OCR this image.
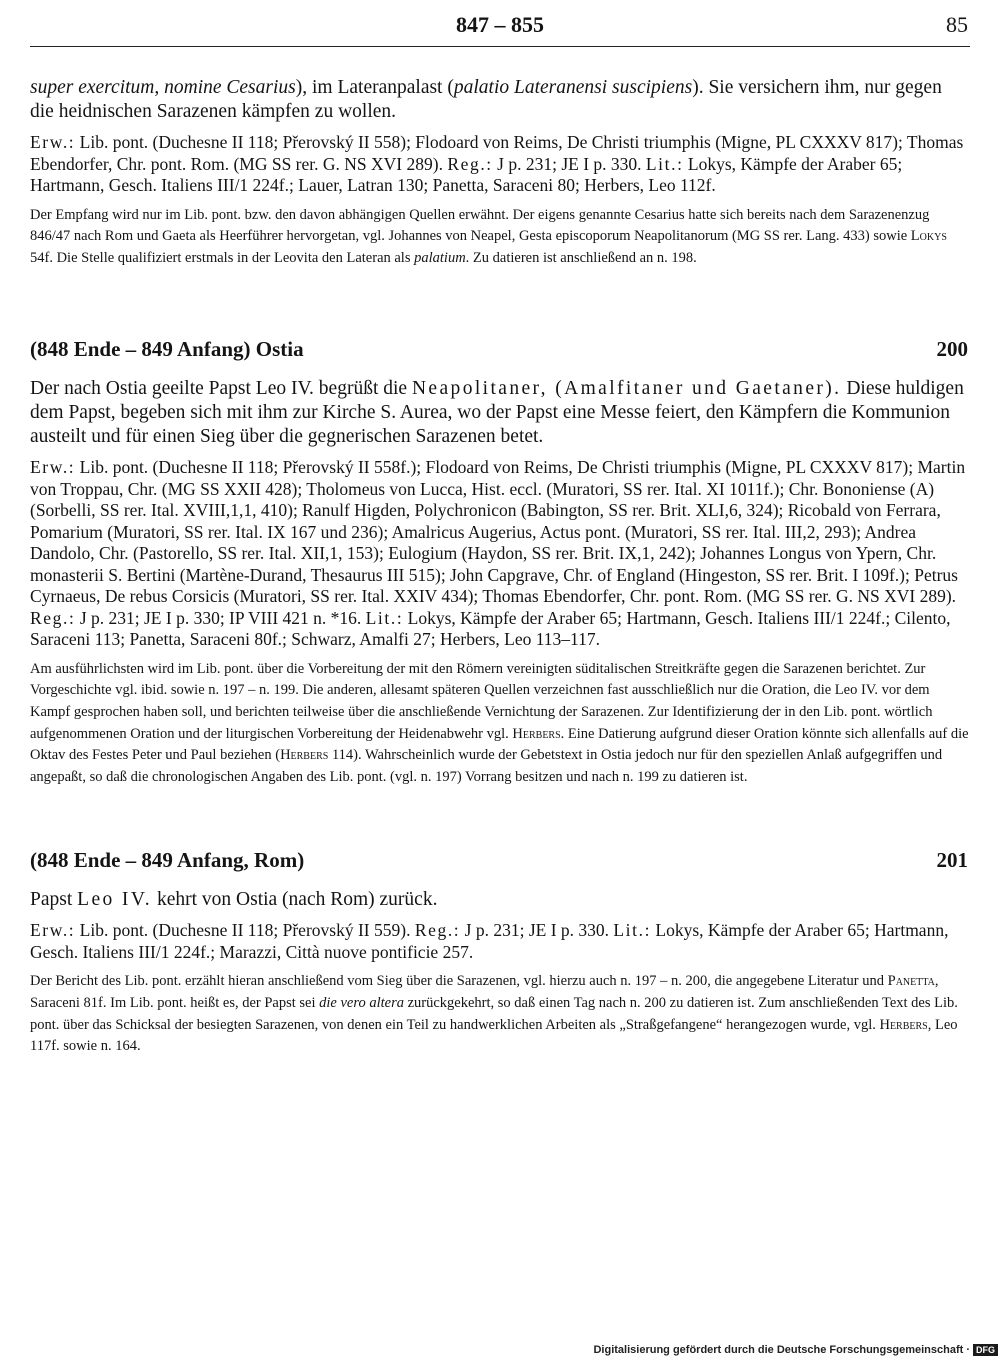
847 – 855	85

super exercitum, nomine Cesarius), im Lateranpalast (palatio Lateranensi suscipiens). Sie versichern ihm, nur gegen die heidnischen Sarazenen kämpfen zu wollen.

Erw.: Lib. pont. (Duchesne II 118; Přerovský II 558); Flodoard von Reims, De Christi triumphis (Migne, PL CXXXV 817); Thomas Ebendorfer, Chr. pont. Rom. (MG SS rer. G. NS XVI 289). Reg.: J p. 231; JE I p. 330. Lit.: Lokys, Kämpfe der Araber 65; Hartmann, Gesch. Italiens III/1 224f.; Lauer, Latran 130; Panetta, Saraceni 80; Herbers, Leo 112f.

Der Empfang wird nur im Lib. pont. bzw. den davon abhängigen Quellen erwähnt. Der eigens genannte Cesarius hatte sich bereits nach dem Sarazenenzug 846/47 nach Rom und Gaeta als Heerführer hervorgetan, vgl. Johannes von Neapel, Gesta episcoporum Neapolitanorum (MG SS rer. Lang. 433) sowie Lokys 54f. Die Stelle qualifiziert erstmals in der Leovita den Lateran als palatium. Zu datieren ist anschließend an n. 198.

(848 Ende – 849 Anfang) Ostia	200

Der nach Ostia geeilte Papst Leo IV. begrüßt die Neapolitaner, (Amalfitaner und Gaetaner). Diese huldigen dem Papst, begeben sich mit ihm zur Kirche S. Aurea, wo der Papst eine Messe feiert, den Kämpfern die Kommunion austeilt und für einen Sieg über die gegnerischen Sarazenen betet.

Erw.: Lib. pont. (Duchesne II 118; Přerovský II 558f.); Flodoard von Reims, De Christi triumphis (Migne, PL CXXXV 817); Martin von Troppau, Chr. (MG SS XXII 428); Tholomeus von Lucca, Hist. eccl. (Muratori, SS rer. Ital. XI 1011f.); Chr. Bononiense (A) (Sorbelli, SS rer. Ital. XVIII,1,1, 410); Ranulf Higden, Polychronicon (Babington, SS rer. Brit. XLI,6, 324); Ricobald von Ferrara, Pomarium (Muratori, SS rer. Ital. IX 167 und 236); Amalricus Augerius, Actus pont. (Muratori, SS rer. Ital. III,2, 293); Andrea Dandolo, Chr. (Pastorello, SS rer. Ital. XII,1, 153); Eulogium (Haydon, SS rer. Brit. IX,1, 242); Johannes Longus von Ypern, Chr. monasterii S. Bertini (Martène-Durand, Thesaurus III 515); John Capgrave, Chr. of England (Hingeston, SS rer. Brit. I 109f.); Petrus Cyrnaeus, De rebus Corsicis (Muratori, SS rer. Ital. XXIV 434); Thomas Ebendorfer, Chr. pont. Rom. (MG SS rer. G. NS XVI 289). Reg.: J p. 231; JE I p. 330; IP VIII 421 n. *16. Lit.: Lokys, Kämpfe der Araber 65; Hartmann, Gesch. Italiens III/1 224f.; Cilento, Saraceni 113; Panetta, Saraceni 80f.; Schwarz, Amalfi 27; Herbers, Leo 113–117.

Am ausführlichsten wird im Lib. pont. über die Vorbereitung der mit den Römern vereinigten süditalischen Streitkräfte gegen die Sarazenen berichtet. Zur Vorgeschichte vgl. ibid. sowie n. 197 – n. 199. Die anderen, allesamt späteren Quellen verzeichnen fast ausschließlich nur die Oration, die Leo IV. vor dem Kampf gesprochen haben soll, und berichten teilweise über die anschließende Vernichtung der Sarazenen. Zur Identifizierung der in den Lib. pont. wörtlich aufgenommenen Oration und der liturgischen Vorbereitung der Heidenabwehr vgl. Herbers. Eine Datierung aufgrund dieser Oration könnte sich allenfalls auf die Oktav des Festes Peter und Paul beziehen (Herbers 114). Wahrscheinlich wurde der Gebetstext in Ostia jedoch nur für den speziellen Anlaß aufgegriffen und angepaßt, so daß die chronologischen Angaben des Lib. pont. (vgl. n. 197) Vorrang besitzen und nach n. 199 zu datieren ist.

(848 Ende – 849 Anfang, Rom)	201

Papst Leo IV. kehrt von Ostia (nach Rom) zurück.

Erw.: Lib. pont. (Duchesne II 118; Přerovský II 559). Reg.: J p. 231; JE I p. 330. Lit.: Lokys, Kämpfe der Araber 65; Hartmann, Gesch. Italiens III/1 224f.; Marazzi, Città nuove pontificie 257.

Der Bericht des Lib. pont. erzählt hieran anschließend vom Sieg über die Sarazenen, vgl. hierzu auch n. 197 – n. 200, die angegebene Literatur und Panetta, Saraceni 81f. Im Lib. pont. heißt es, der Papst sei die vero altera zurückgekehrt, so daß einen Tag nach n. 200 zu datieren ist. Zum anschließenden Text des Lib. pont. über das Schicksal der besiegten Sarazenen, von denen ein Teil zu handwerklichen Arbeiten als „Straßgefangene“ herangezogen wurde, vgl. Herbers, Leo 117f. sowie n. 164.

Digitalisierung gefördert durch die Deutsche Forschungsgemeinschaft · DFG
